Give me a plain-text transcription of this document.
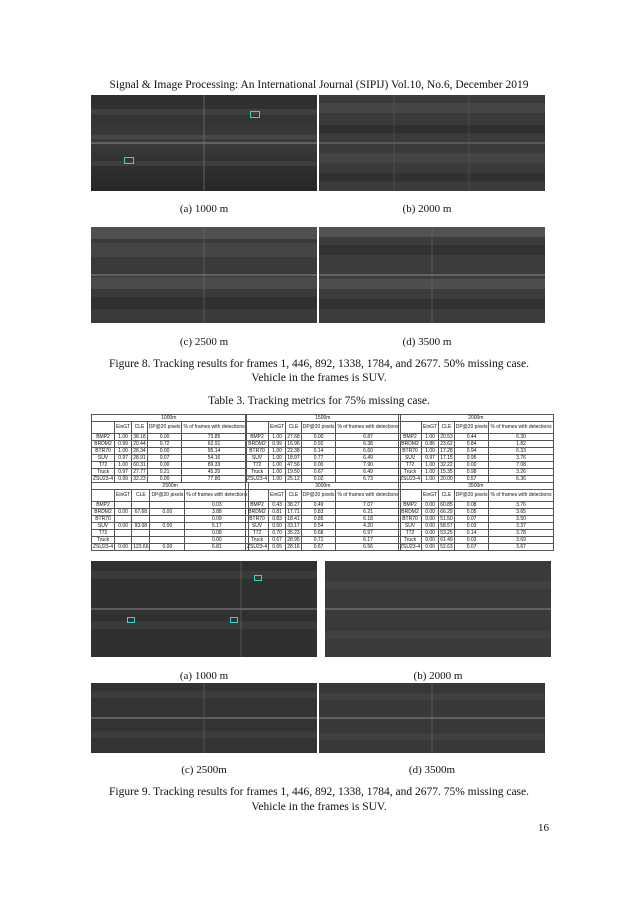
Signal & Image Processing: An International Journal (SIPIJ) Vol.10, No.6, December 2019
(a) 1000 m	(b) 2000 m
(c) 2500 m	(d) 3500 m
Figure 8. Tracking results for frames 1, 446, 892, 1338, 1784, and 2677. 50% missing case.
Vehicle in the frames is SUV.
Table 3. Tracking metrics for 75% missing case.
1000m				
	EinGT	CLE	DP@20 pixels	% of frames with detections
BMP2	1.00	38.18	0.00	73.85
BRDM2	0.99	20.44	0.72	62.91
BTR70	1.00	28.34	0.00	95.14
SUV	0.97	28.91	0.07	54.16
T72	1.00	60.31	0.00	89.33
Truck	0.97	27.77	0.21	45.20
ZSU23-4	0.99	32.23	0.00	77.80
1500m				
	EinGT	CLE	DP@20 pixels	% of frames with detections
BMP2	1.00	27.68	0.00	6.87
BRDM2	0.99	16.96	0.92	6.38
BTR70	1.00	22.38	0.14	6.60
SUV	1.00	18.97	0.77	6.49
T72	1.00	47.56	0.00	7.90
Truck	1.00	19.50	0.67	6.49
ZSU23-4	1.00	25.12	0.02	6.73
2000m				
	EinGT	CLE	DP@20 pixels	% of frames with detections
BMP2	1.00	20.53	0.44	6.30
BRDM2	0.86	23.62	0.84	1.82
BTR70	1.00	17.28	0.94	6.33
SUV	0.97	17.15	0.95	3.76
T72	1.00	32.22	0.00	7.08
Truck	1.00	15.35	0.98	3.26
ZSU23-4	1.00	20.00	0.57	6.36
2500m				
	EinGT	CLE	DP@20 pixels	% of frames with detections
BMP2				0.03
BRDM2	0.00	67.68	0.00	3.88
BTR70				0.09
SUV	0.00	93.08	0.00	5.17
T72				0.08
Truck				0.00
ZSU23-4	0.00	123.66	0.00	6.81
3000m				
	EinGT	CLE	DP@20 pixels	% of frames with detections
BMP2	0.43	38.27	0.49	7.07
BRDM2	0.81	17.71	0.83	6.21
BTR70	0.83	18.41	0.85	6.18
SUV	0.50	33.17	0.54	4.20
T72	0.70	35.23	0.68	6.97
Truck	0.67	28.95	0.71	6.17
ZSU23-4	0.65	28.16	0.67	6.56
3500m				
	EinGT	CLE	DP@20 pixels	% of frames with detections
BMP2	0.00	60.85	0.08	3.76
BRDM2	0.00	66.29	0.05	3.65
BTR70	0.00	51.50	0.07	3.50
SUV	0.00	58.57	0.03	3.37
T72	0.00	53.25	0.14	3.78
Truck	0.00	61.49	0.03	3.69
ZSU23-4	0.00	52.63	0.07	3.67
(a) 1000 m	(b) 2000 m
(c) 2500m	(d) 3500m
Figure 9. Tracking results for frames 1, 446, 892, 1338, 1784, and 2677. 75% missing case.
Vehicle in the frames is SUV.
16
